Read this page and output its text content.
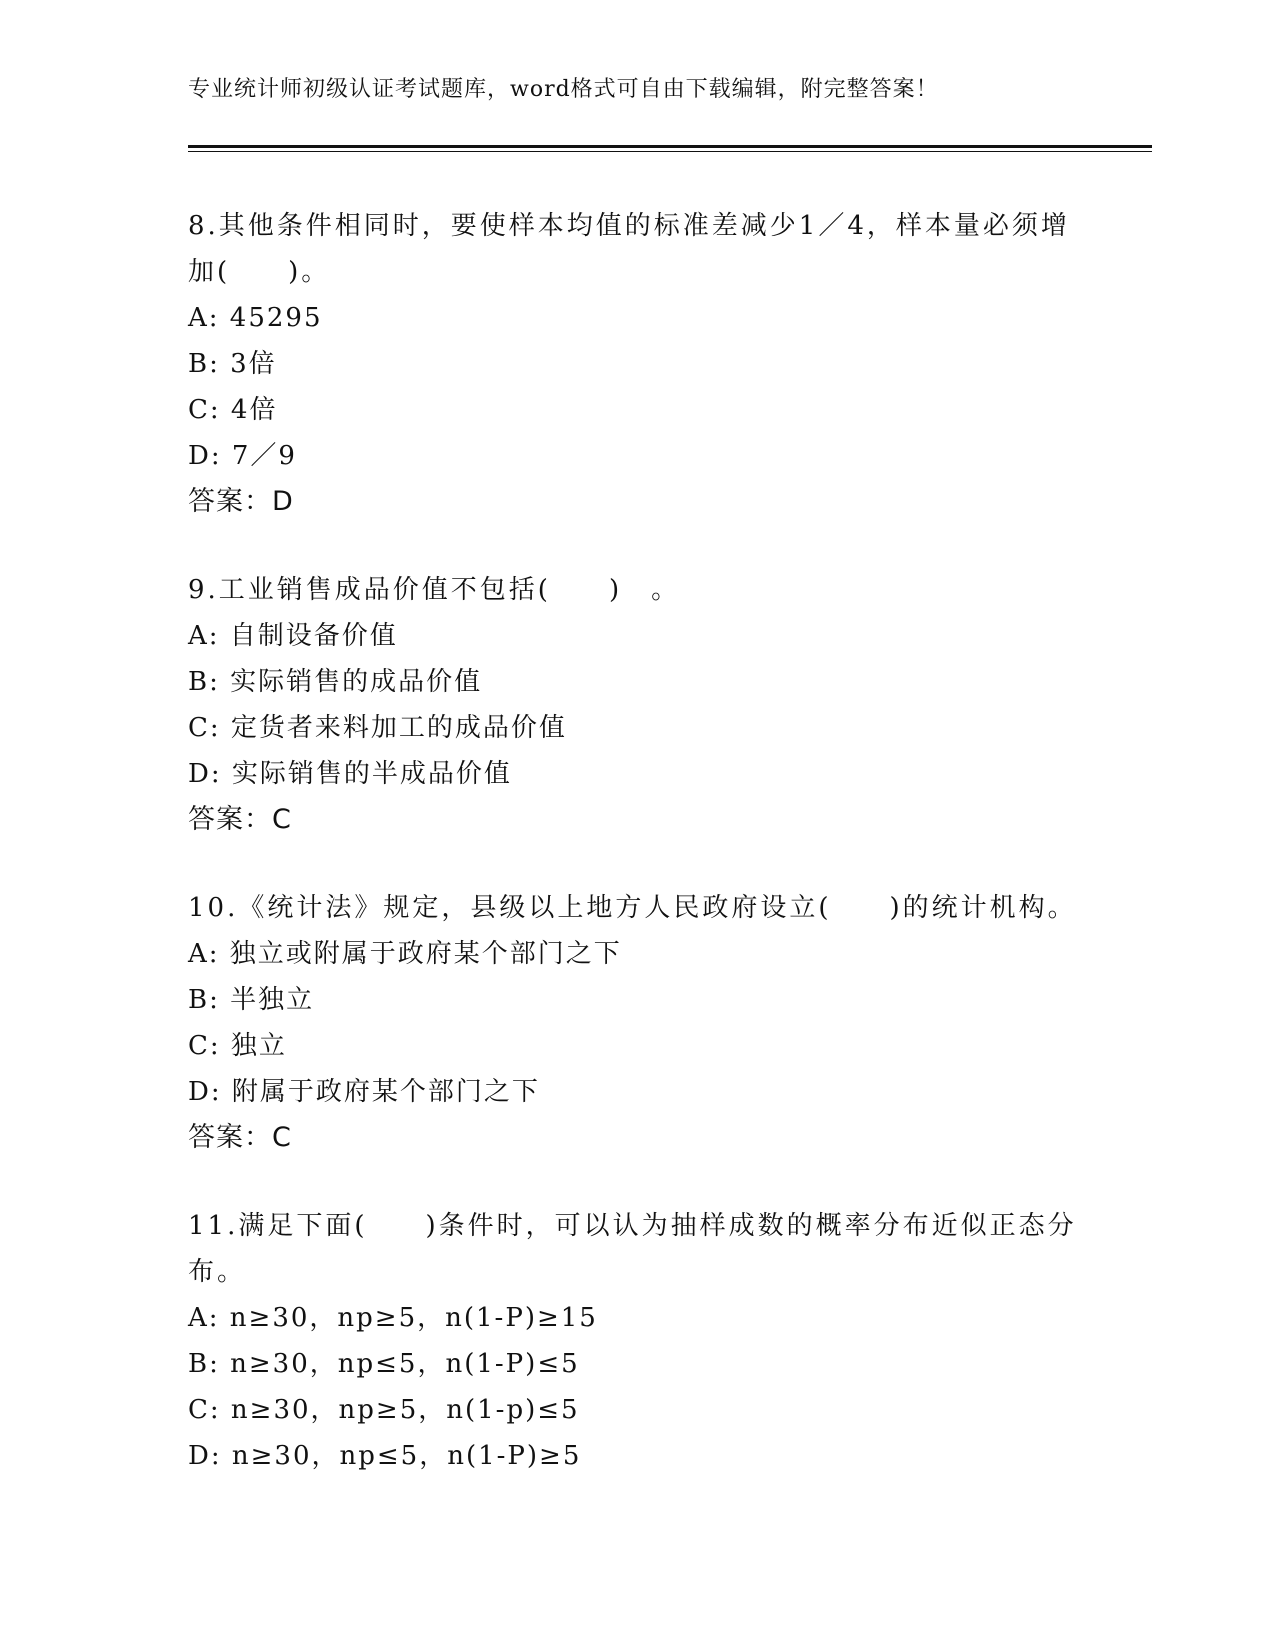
专业统计师初级认证考试题库，word格式可自由下载编辑，附完整答案！
8.其他条件相同时，要使样本均值的标准差减少1／4，样本量必须增加(　　)。
A: 45295
B: 3倍
C: 4倍
D: 7／9
答案：D
9.工业销售成品价值不包括(　　)　。
A: 自制设备价值
B: 实际销售的成品价值
C: 定货者来料加工的成品价值
D: 实际销售的半成品价值
答案：C
10.《统计法》规定，县级以上地方人民政府设立(　　)的统计机构。
A: 独立或附属于政府某个部门之下
B: 半独立
C: 独立
D: 附属于政府某个部门之下
答案：C
11.满足下面(　　)条件时，可以认为抽样成数的概率分布近似正态分布。
A: n≥30，np≥5，n(1-P)≥15
B: n≥30，np≤5，n(1-P)≤5
C: n≥30，np≥5，n(1-p)≤5
D: n≥30，np≤5，n(1-P)≥5
